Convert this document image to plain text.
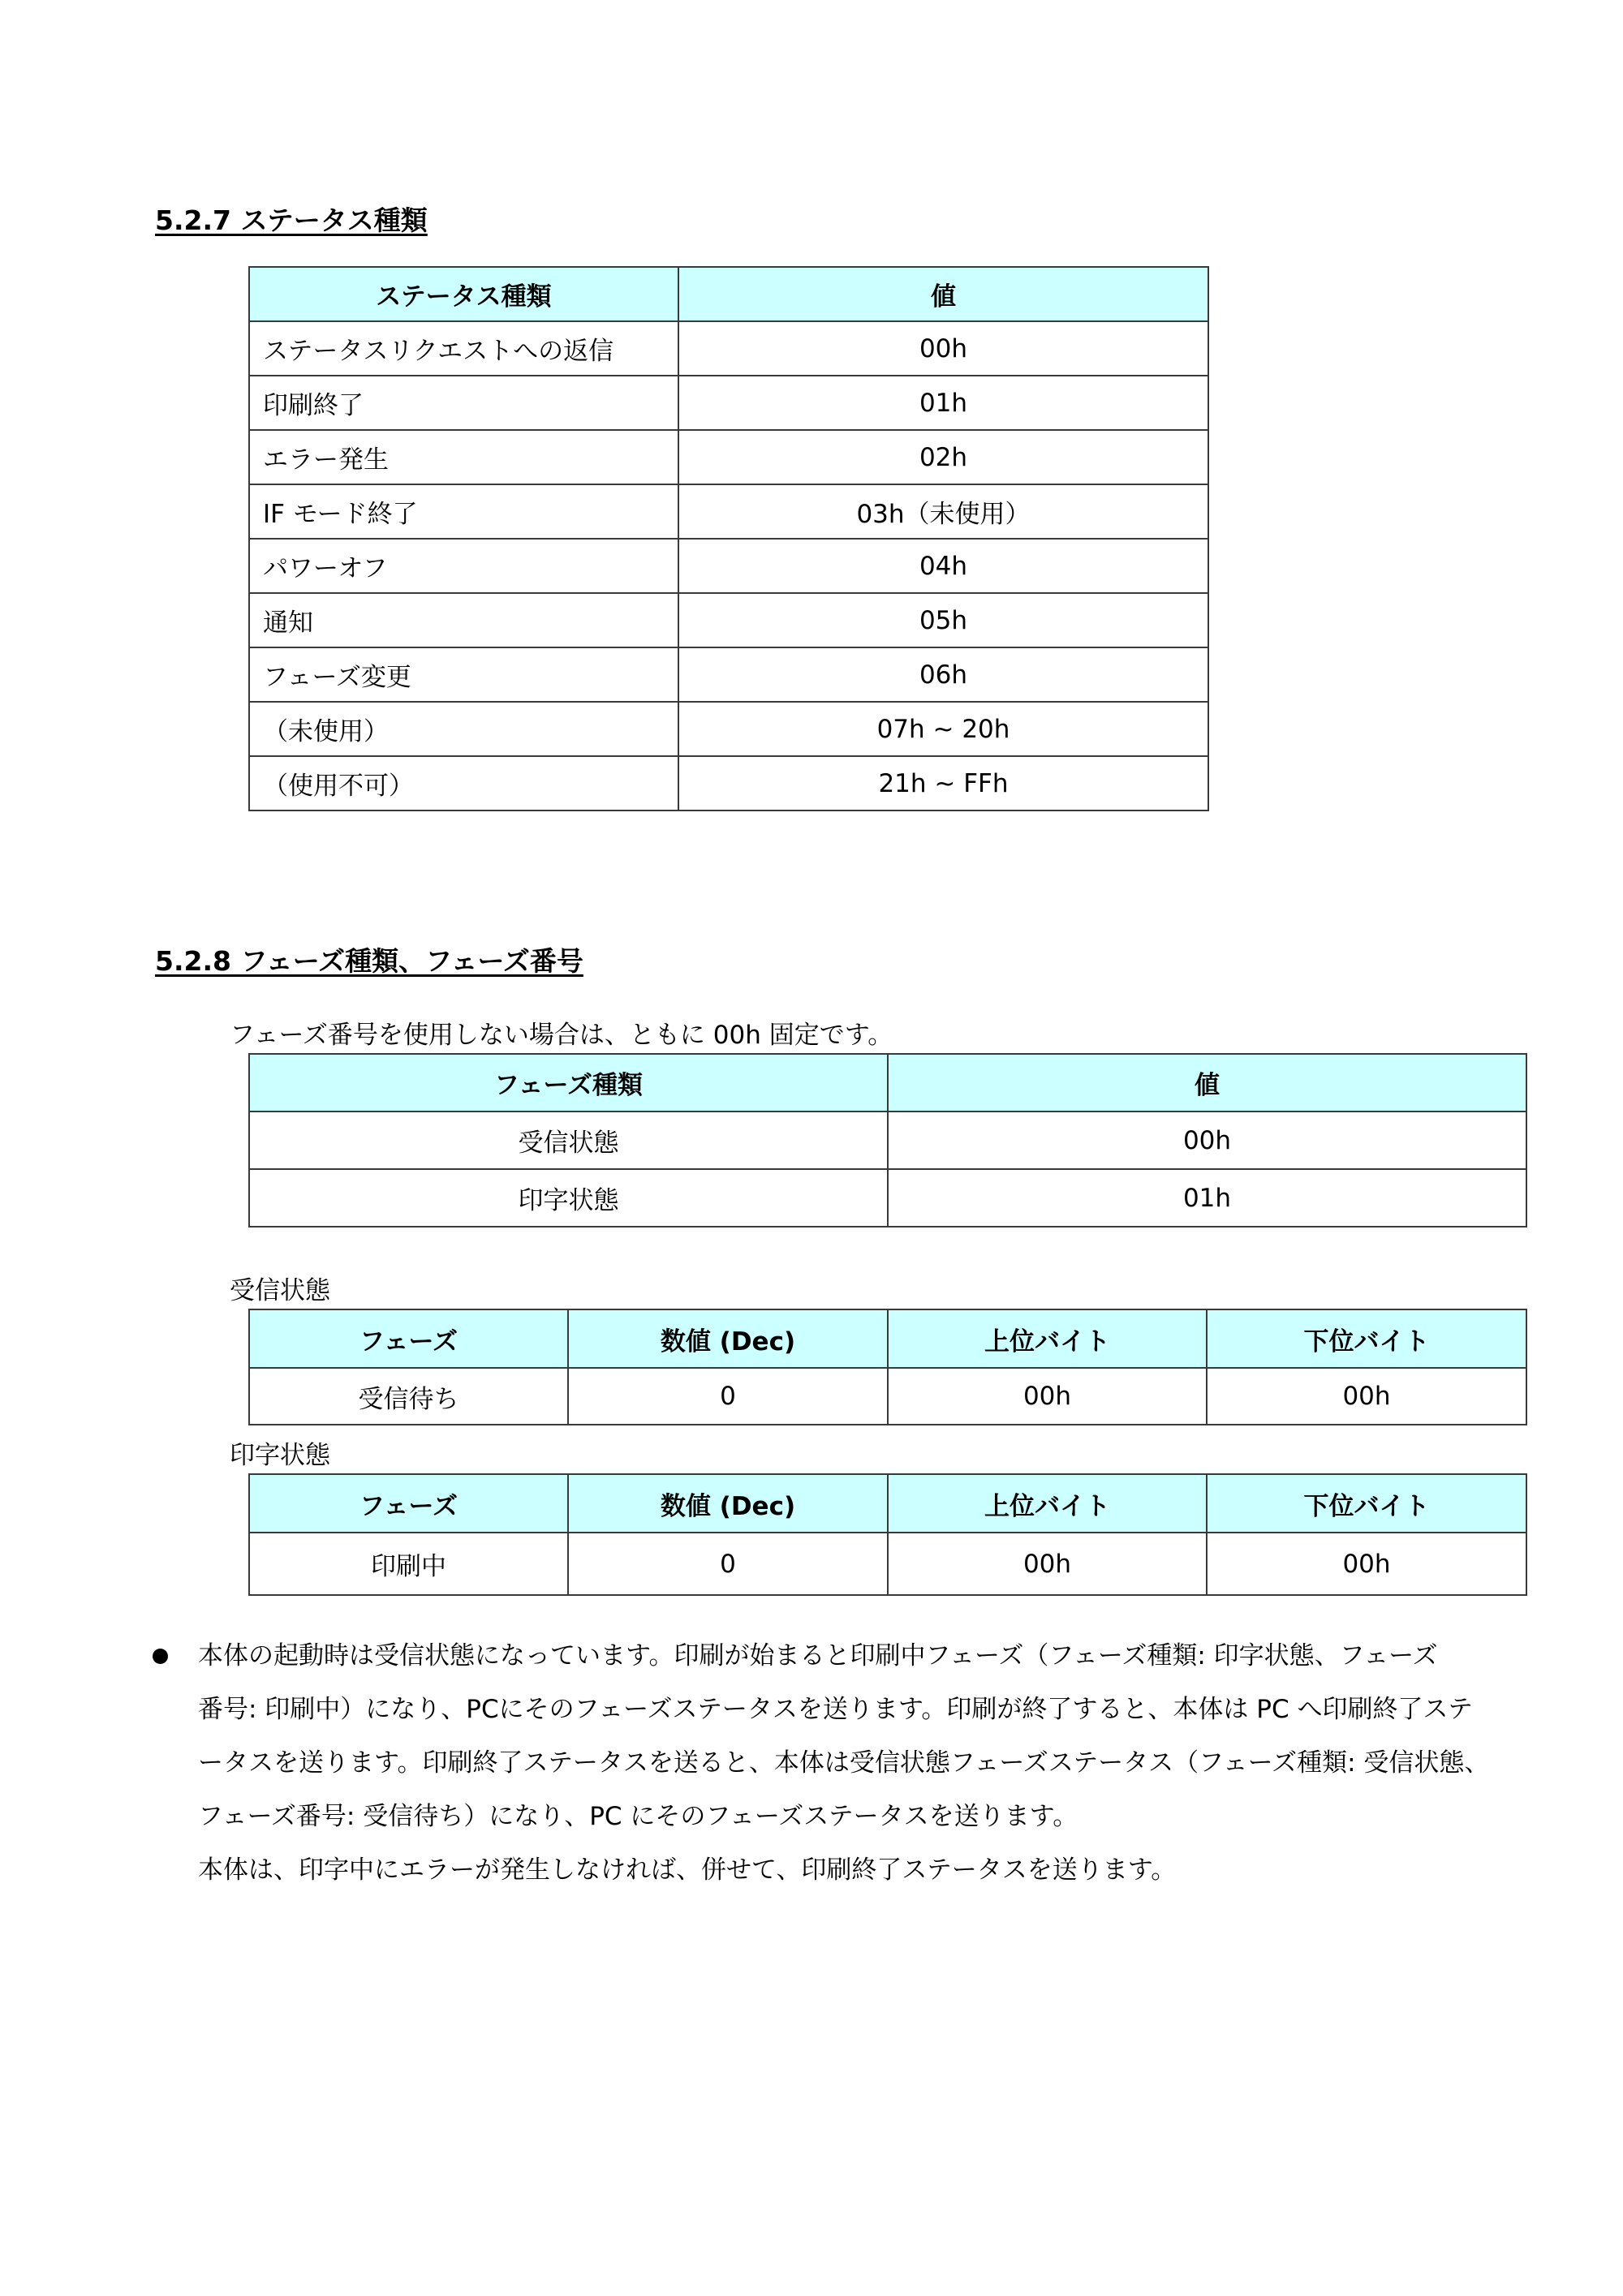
5.2.7 ステータス種類
ステータス種類	値
ステータスリクエストへの返信	00h
印刷終了	01h
エラー発生	02h
IF モード終了	03h（未使用）
パワーオフ	04h
通知	05h
フェーズ変更	06h
（未使用）	07h ~ 20h
（使用不可）	21h ~ FFh
5.2.8 フェーズ種類、フェーズ番号
フェーズ番号を使用しない場合は、ともに 00h 固定です。
フェーズ種類	値
受信状態	00h
印字状態	01h
受信状態
フェーズ	数値 (Dec)	上位バイト	下位バイト
受信待ち	0	00h	00h
印字状態
フェーズ	数値 (Dec)	上位バイト	下位バイト
印刷中	0	00h	00h
本体の起動時は受信状態になっています。印刷が始まると印刷中フェーズ（フェーズ種類: 印字状態、フェーズ
番号: 印刷中）になり、PCにそのフェーズステータスを送ります。印刷が終了すると、本体は PC へ印刷終了ステ
ータスを送ります。印刷終了ステータスを送ると、本体は受信状態フェーズステータス（フェーズ種類: 受信状態、
フェーズ番号: 受信待ち）になり、PC にそのフェーズステータスを送ります。
本体は、印字中にエラーが発生しなければ、併せて、印刷終了ステータスを送ります。
